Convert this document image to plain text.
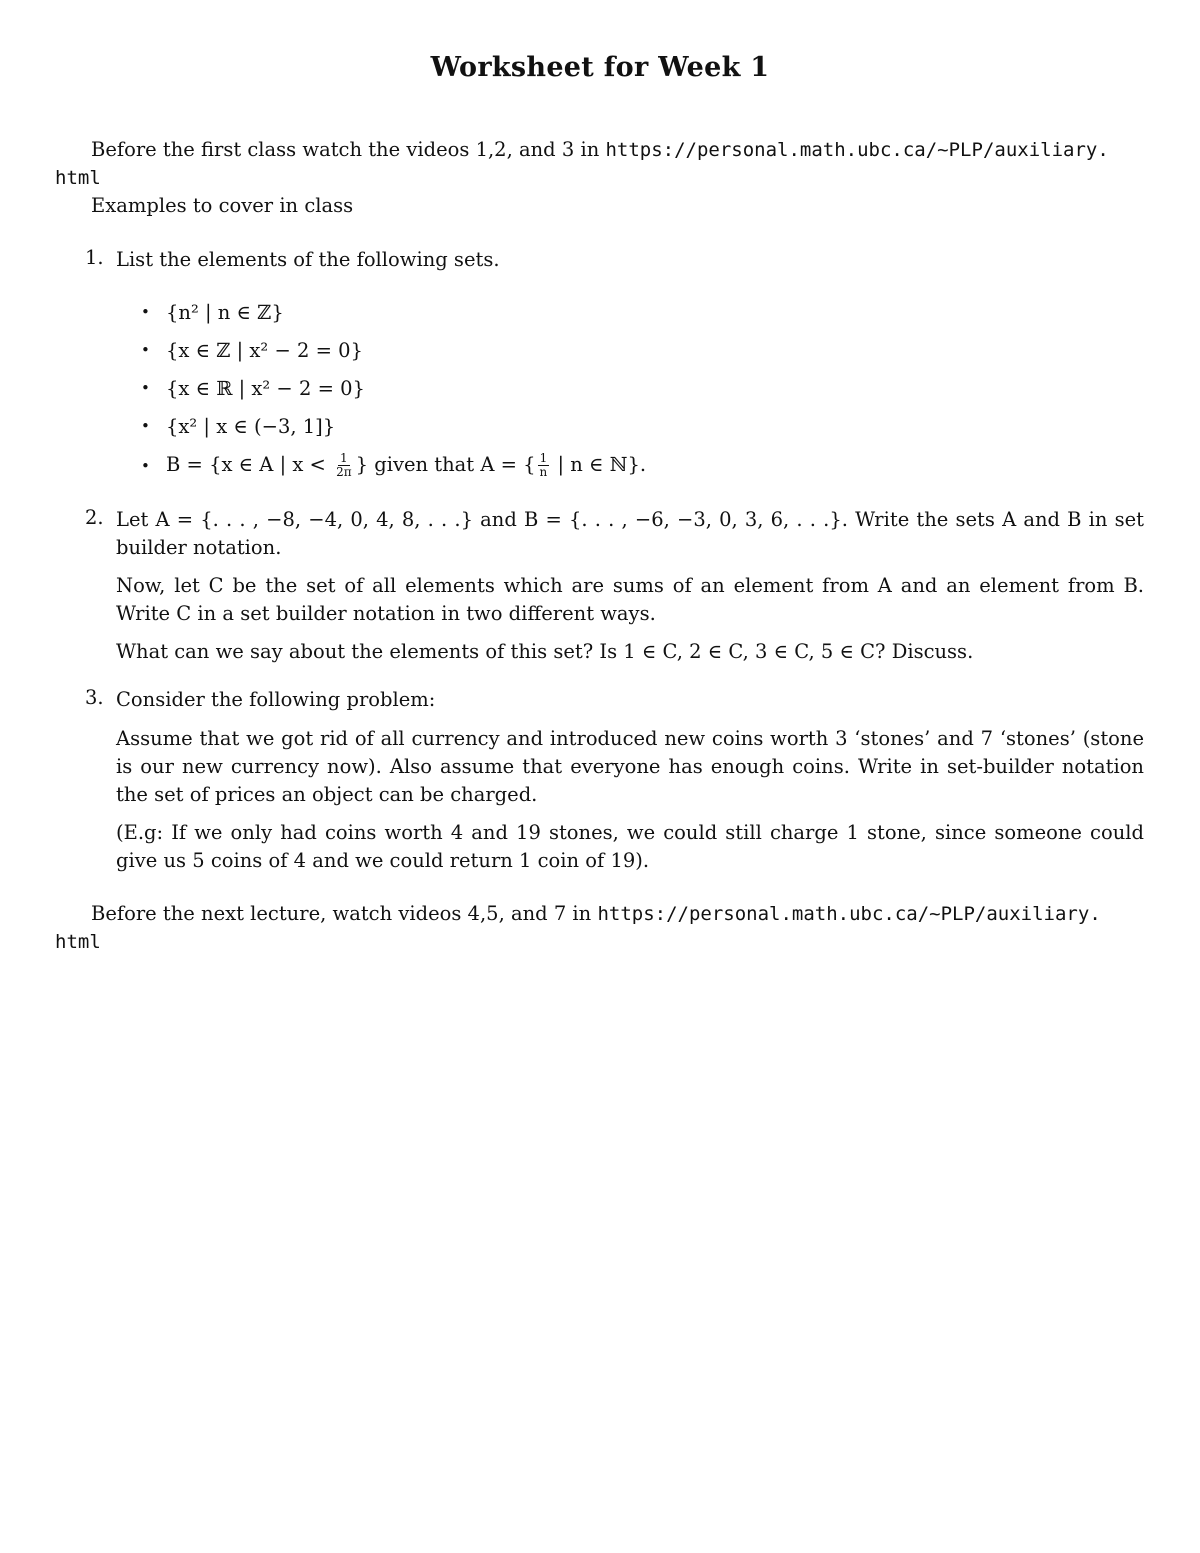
Worksheet for Week 1
Before the first class watch the videos 1,2, and 3 in https://personal.math.ubc.ca/~PLP/auxiliary.
html
Examples to cover in class
1. List the elements of the following sets.
• {n² | n ∈ ℤ}
• {x ∈ ℤ | x² − 2 = 0}
• {x ∈ ℝ | x² − 2 = 0}
• {x² | x ∈ (−3, 1]}
• B = {x ∈ A | $x < \frac{1}{2\pi}$ } given that A = { $\frac{1}{n}$ | n ∈ ℕ}.
2. Let A = {. . . , −8, −4, 0, 4, 8, . . .} and B = {. . . , −6, −3, 0, 3, 6, . . .}. Write the sets A and B in set
builder notation.
Now, let C be the set of all elements which are sums of an element from A and an element from B.
Write C in a set builder notation in two different ways.
What can we say about the elements of this set? Is 1 ∈ C, 2 ∈ C, 3 ∈ C, 5 ∈ C? Discuss.
3. Consider the following problem:
Assume that we got rid of all currency and introduced new coins worth 3 ‘stones’ and 7 ‘stones’ (stone
is our new currency now). Also assume that everyone has enough coins. Write in set-builder notation
the set of prices an object can be charged.
(E.g: If we only had coins worth 4 and 19 stones, we could still charge 1 stone, since someone could
give us 5 coins of 4 and we could return 1 coin of 19).
Before the next lecture, watch videos 4,5, and 7 in https://personal.math.ubc.ca/~PLP/auxiliary.
html
